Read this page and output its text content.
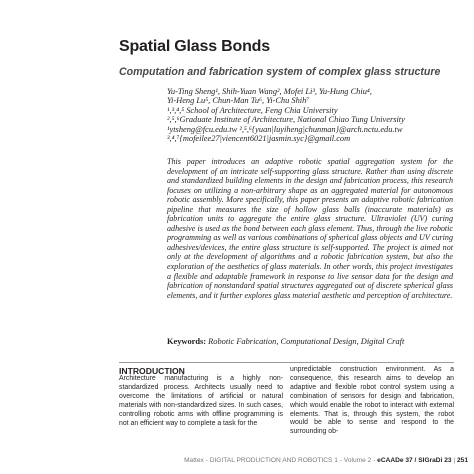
Spatial Glass Bonds
Computation and fabrication system of complex glass structure
Yu-Ting Sheng¹, Shih-Yuan Wang², Mofei Li³, Yu-Hung Chiu⁴,
Yi-Heng Lu⁵, Chun-Man Tu⁶, Yi-Chu Shih⁷
¹,³,⁴,⁵ School of Architecture, Feng Chia University
²,⁵,⁶Graduate Institute of Architecture, National Chiao Tung University
¹ytsheng@fcu.edu.tw ²,⁵,⁶{yuan|luyiheng|chunman}@arch.nctu.edu.tw
³,⁴,⁷{mofeilee27|viencent6021|jasmin.syc}@gmail.com

This paper introduces an adaptive robotic spatial aggregation system for the development of an intricate self-supporting glass structure. Rather than using discrete and standardized building elements in the design and fabrication process, this research focuses on utilizing a non-arbitrary shape as an aggregated material for autonomous robotic assembly. More specifically, this paper presents an adaptive robotic fabrication pipeline that measures the size of hollow glass balls (inaccurate materials) as fabrication units to aggregate the entire glass structure. Ultraviolet (UV) curing adhesive is used as the bond between each glass element. Thus, through the live robotic programming as well as various combinations of spherical glass objects and UV curing adhesives/devices, the entire glass structure is self-supported. The project is aimed not only at the development of algorithms and a robotic fabrication system, but also the exploration of the aesthetics of glass materials. In other words, this project investigates a flexible and adaptable framework in response to live sensor data for the design and fabrication of nonstandard spatial structures aggregated out of discrete spherical glass elements, and it further explores glass material aesthetic and perception of architecture.

Keywords: Robotic Fabrication, Computational Design, Digital Craft

INTRODUCTION

Architecture manufacturing is a highly non-standardized process. Architects usually need to overcome the limitations of artificial or natural materials with non-standardized sizes. In such cases, controlling robotic arms with offline programming is not an efficient way to complete a task for the

unpredictable construction environment. As a consequence, this research aims to develop an adaptive and flexible robot control system using a combination of sensors for design and fabrication, which would enable the robot to interact with external elements. That is, through this system, the robot would be able to sense and respond to the surrounding ob-

Mattex - DIGITAL PRODUCTION AND ROBOTICS 1 - Volume 2 - eCAADe 37 / SIGraDi 23 | 251
